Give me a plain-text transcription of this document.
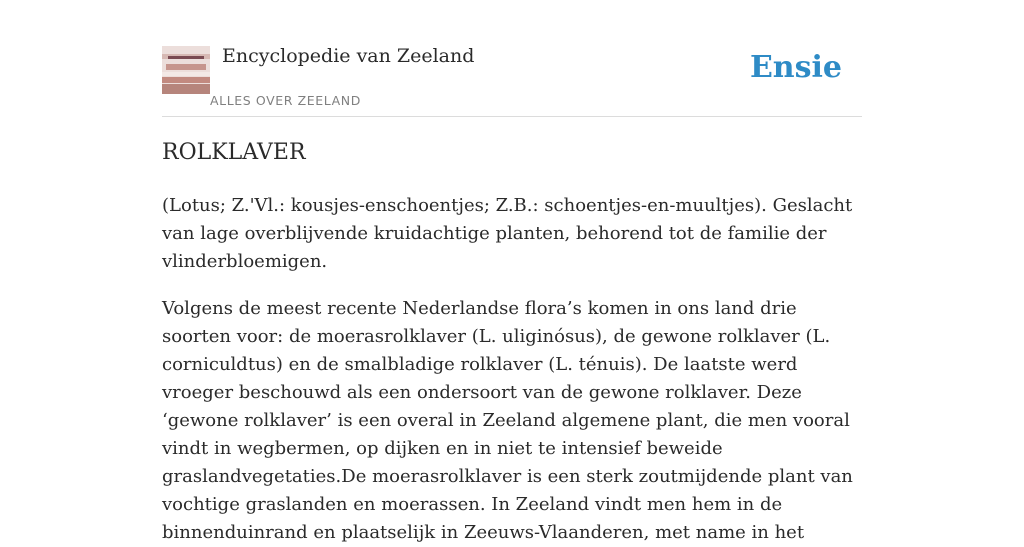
Encyclopedie van Zeeland
ALLES OVER ZEELAND
Ensie
ROLKLAVER

(Lotus; Z.'Vl.: kousjes-enschoentjes; Z.B.: schoentjes-en-muultjes). Geslacht van lage overblijvende kruidachtige planten, behorend tot de familie der vlinderbloemigen.

Volgens de meest recente Nederlandse flora’s komen in ons land drie soorten voor: de moerasrolklaver (L. uliginósus), de gewone rolklaver (L. corniculdtus) en de smalbladige rolklaver (L. ténuis). De laatste werd vroeger beschouwd als een ondersoort van de gewone rolklaver. Deze ‘gewone rolklaver’ is een overal in Zeeland algemene plant, die men vooral vindt in wegbermen, op dijken en in niet te intensief beweide graslandvegetaties.De moerasrolklaver is een sterk zoutmijdende plant van vochtige graslanden en moerassen. In Zeeland vindt men hem in de binnenduinrand en plaatselijk in Zeeuws-Vlaanderen, met name in het
